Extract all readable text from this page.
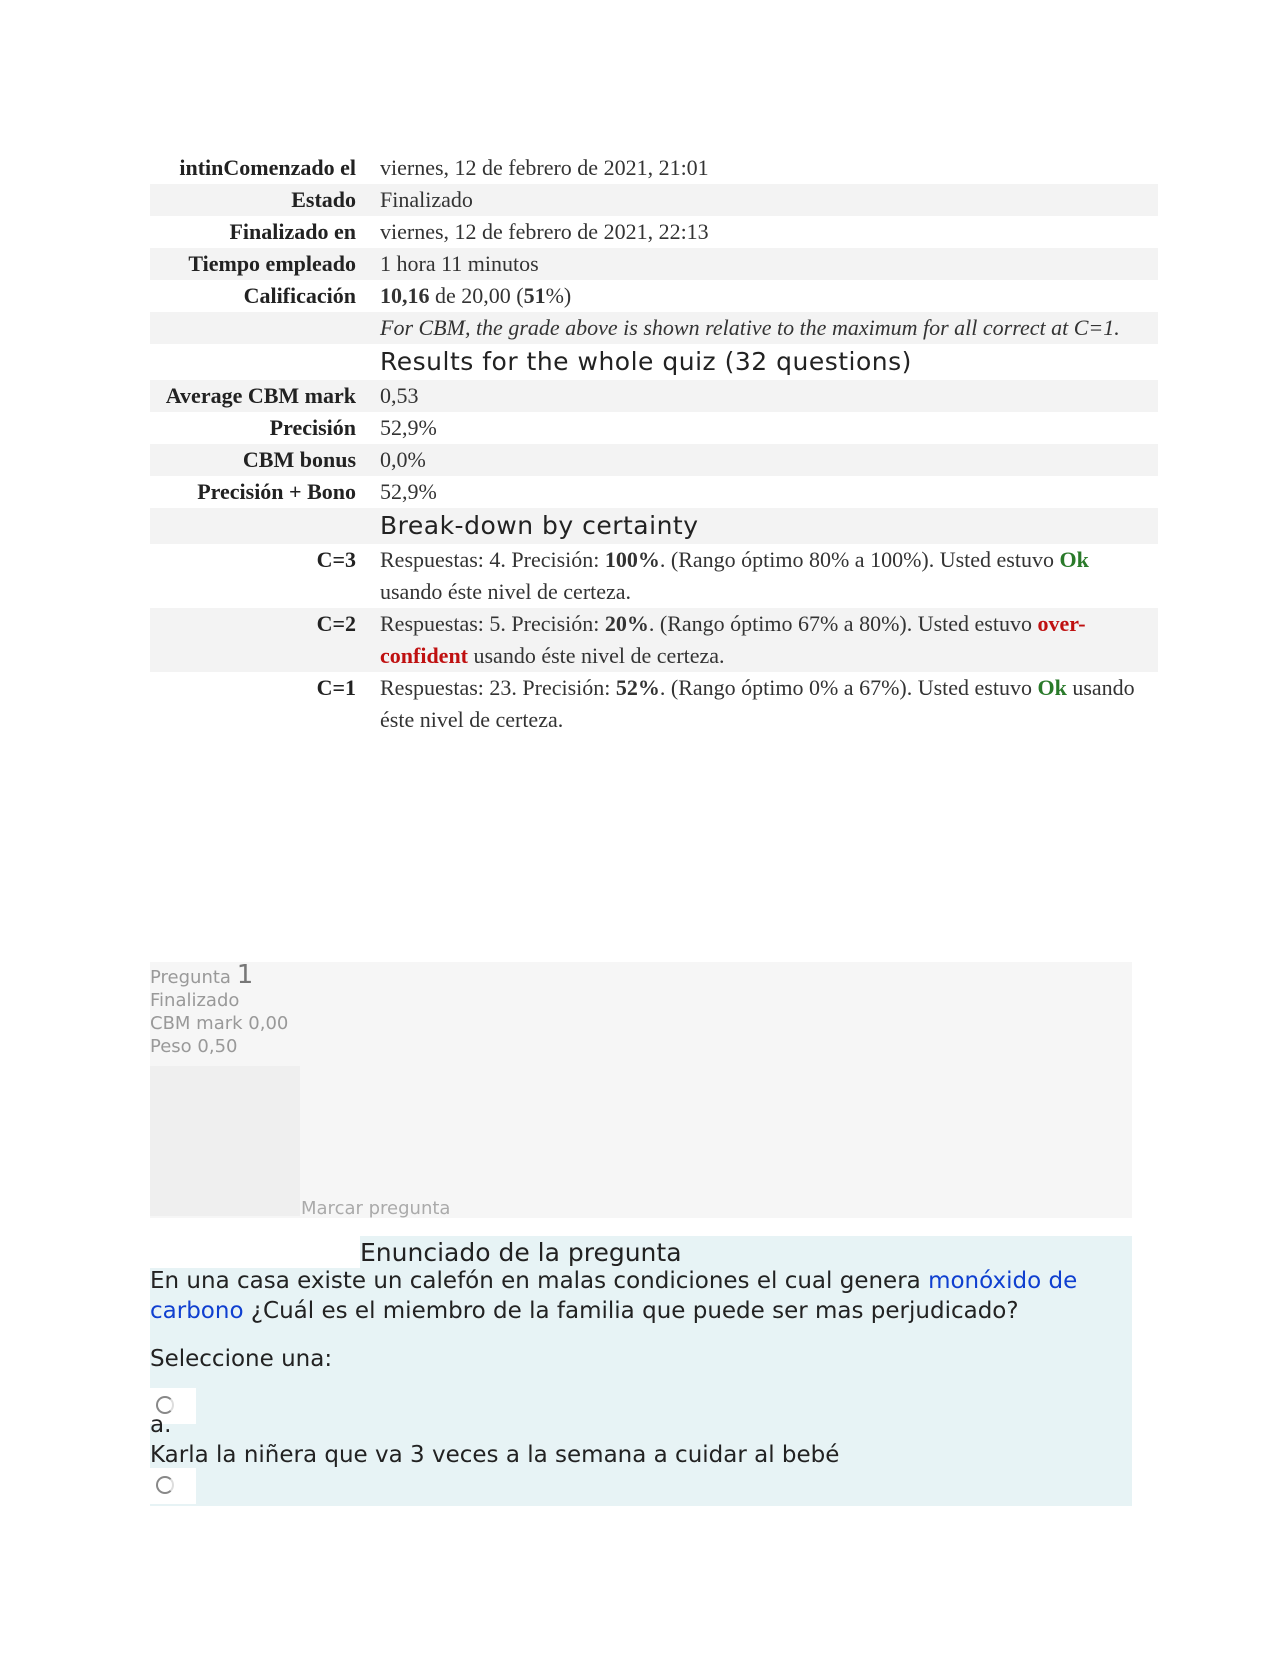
intinComenzado el	viernes, 12 de febrero de 2021, 21:01
Estado	Finalizado
Finalizado en	viernes, 12 de febrero de 2021, 22:13
Tiempo empleado	1 hora 11 minutos
Calificación	10,16 de 20,00 (51%)
	For CBM, the grade above is shown relative to the maximum for all correct at C=1.
	Results for the whole quiz (32 questions)
Average CBM mark	0,53
Precisión	52,9%
CBM bonus	0,0%
Precisión + Bono	52,9%
	Break-down by certainty
C=3	Respuestas: 4. Precisión: 100%. (Rango óptimo 80% a 100%). Usted estuvo Ok usando éste nivel de certeza.
C=2	Respuestas: 5. Precisión: 20%. (Rango óptimo 67% a 80%). Usted estuvo over-confident usando éste nivel de certeza.
C=1	Respuestas: 23. Precisión: 52%. (Rango óptimo 0% a 67%). Usted estuvo Ok usando éste nivel de certeza.
Pregunta 1
Finalizado
CBM mark 0,00
Peso 0,50
Marcar pregunta
Enunciado de la pregunta
En una casa existe un calefón en malas condiciones el cual genera monóxido de carbono ¿Cuál es el miembro de la familia que puede ser mas perjudicado?
Seleccione una:
a.
Karla la niñera que va 3 veces a la semana a cuidar al bebé
